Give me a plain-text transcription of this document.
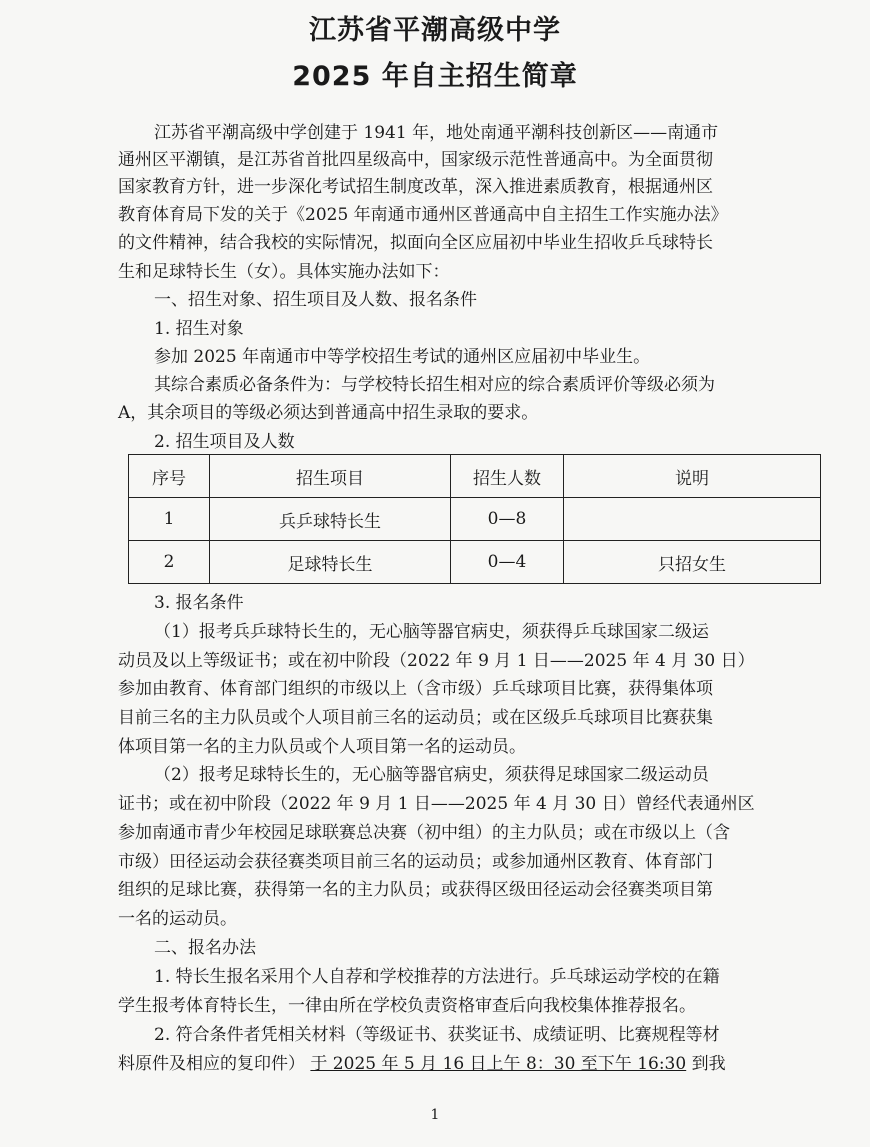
江苏省平潮高级中学
2025 年自主招生简章
江苏省平潮高级中学创建于 1941 年，地处南通平潮科技创新区——南通市
通州区平潮镇，是江苏省首批四星级高中，国家级示范性普通高中。为全面贯彻
国家教育方针，进一步深化考试招生制度改革，深入推进素质教育，根据通州区
教育体育局下发的关于《2025 年南通市通州区普通高中自主招生工作实施办法》
的文件精神，结合我校的实际情况，拟面向全区应届初中毕业生招收乒乓球特长
生和足球特长生（女）。具体实施办法如下：
一、招生对象、招生项目及人数、报名条件
1. 招生对象
参加 2025 年南通市中等学校招生考试的通州区应届初中毕业生。
其综合素质必备条件为：与学校特长招生相对应的综合素质评价等级必须为
A，其余项目的等级必须达到普通高中招生录取的要求。
2. 招生项目及人数
序号	招生项目	招生人数	说明
1	兵乒球特长生	0—8	
2	足球特长生	0—4	只招女生
3. 报名条件
（1）报考兵乒球特长生的，无心脑等器官病史，须获得乒乓球国家二级运
动员及以上等级证书；或在初中阶段（2022 年 9 月 1 日——2025 年 4 月 30 日）
参加由教育、体育部门组织的市级以上（含市级）乒乓球项目比赛，获得集体项
目前三名的主力队员或个人项目前三名的运动员；或在区级乒乓球项目比赛获集
体项目第一名的主力队员或个人项目第一名的运动员。
（2）报考足球特长生的，无心脑等器官病史，须获得足球国家二级运动员
证书；或在初中阶段（2022 年 9 月 1 日——2025 年 4 月 30 日）曾经代表通州区
参加南通市青少年校园足球联赛总决赛（初中组）的主力队员；或在市级以上（含
市级）田径运动会获径赛类项目前三名的运动员；或参加通州区教育、体育部门
组织的足球比赛，获得第一名的主力队员；或获得区级田径运动会径赛类项目第
一名的运动员。
二、报名办法
1. 特长生报名采用个人自荐和学校推荐的方法进行。乒乓球运动学校的在籍
学生报考体育特长生，一律由所在学校负责资格审查后向我校集体推荐报名。
2. 符合条件者凭相关材料（等级证书、获奖证书、成绩证明、比赛规程等材
料原件及相应的复印件） 于 2025 年 5 月 16 日上午 8：30 至下午 16:30 到我
1
